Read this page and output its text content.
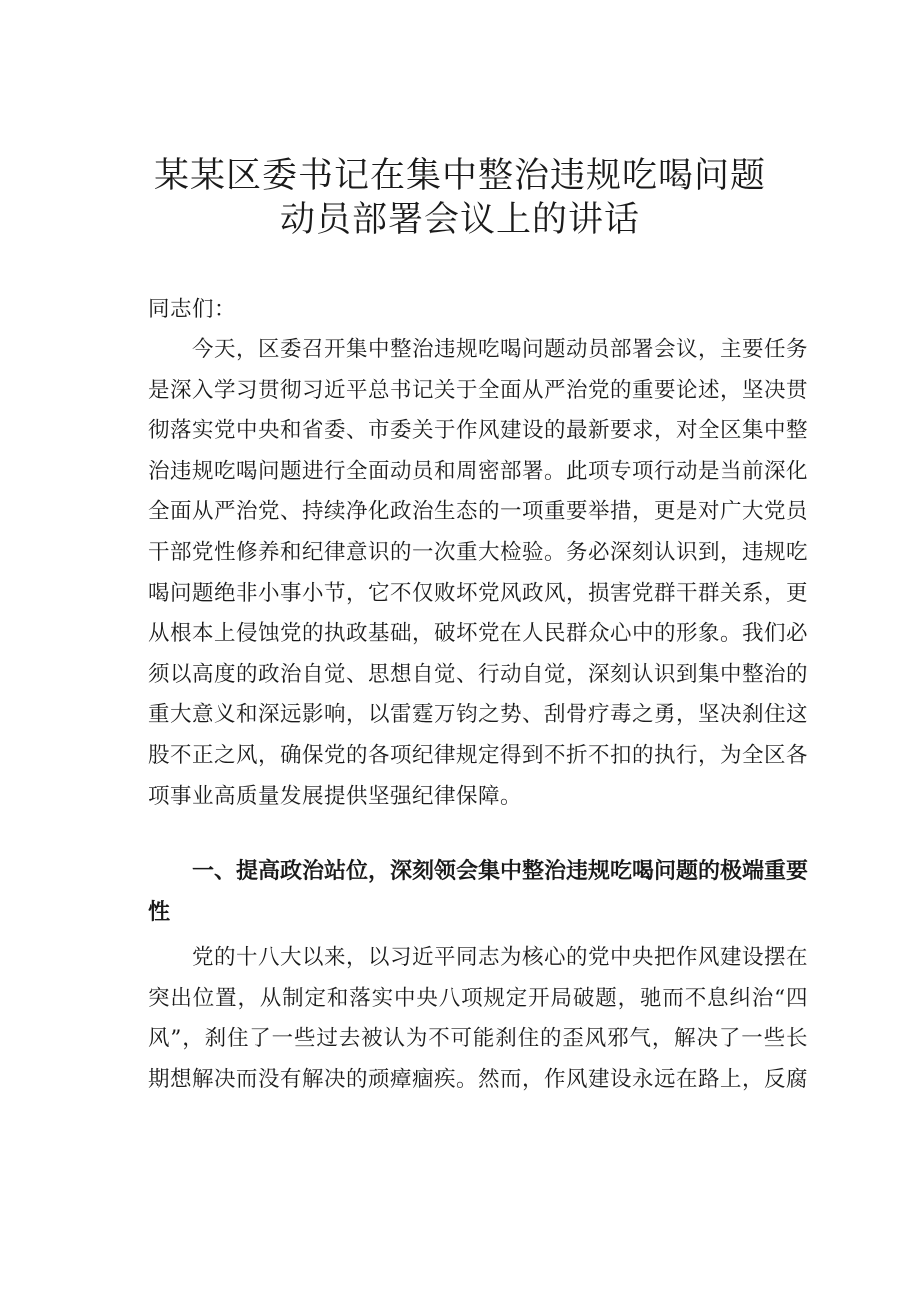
某某区委书记在集中整治违规吃喝问题
动员部署会议上的讲话

同志们：

今天，区委召开集中整治违规吃喝问题动员部署会议，主要任务是深入学习贯彻习近平总书记关于全面从严治党的重要论述，坚决贯彻落实党中央和省委、市委关于作风建设的最新要求，对全区集中整治违规吃喝问题进行全面动员和周密部署。此项专项行动是当前深化全面从严治党、持续净化政治生态的一项重要举措，更是对广大党员干部党性修养和纪律意识的一次重大检验。务必深刻认识到，违规吃喝问题绝非小事小节，它不仅败坏党风政风，损害党群干群关系，更从根本上侵蚀党的执政基础，破坏党在人民群众心中的形象。我们必须以高度的政治自觉、思想自觉、行动自觉，深刻认识到集中整治的重大意义和深远影响，以雷霆万钧之势、刮骨疗毒之勇，坚决刹住这股不正之风，确保党的各项纪律规定得到不折不扣的执行，为全区各项事业高质量发展提供坚强纪律保障。

一、提高政治站位，深刻领会集中整治违规吃喝问题的极端重要性

党的十八大以来，以习近平同志为核心的党中央把作风建设摆在突出位置，从制定和落实中央八项规定开局破题，驰而不息纠治“四风”，刹住了一些过去被认为不可能刹住的歪风邪气，解决了一些长期想解决而没有解决的顽瘴痼疾。然而，作风建设永远在路上，反腐
